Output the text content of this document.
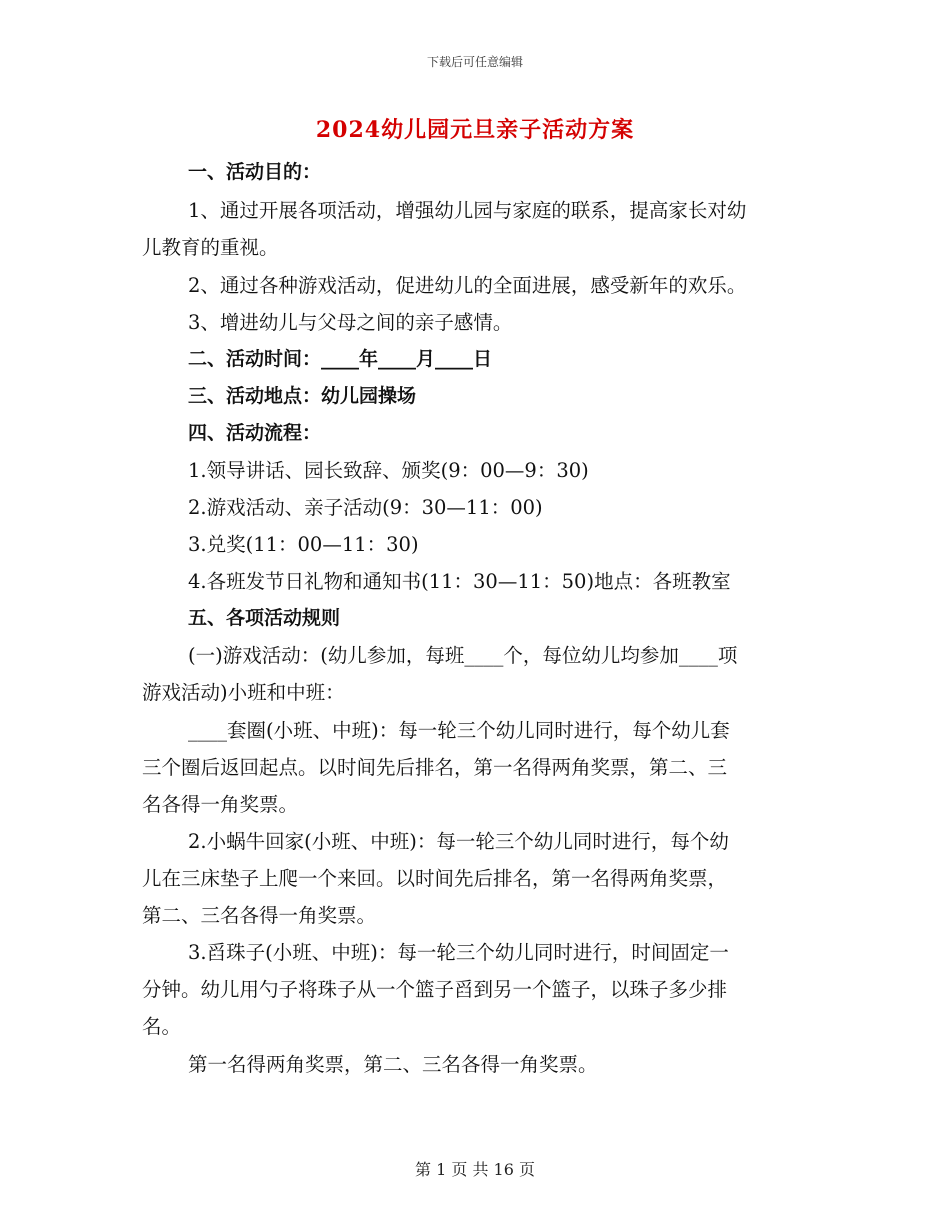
下载后可任意编辑
2024幼儿园元旦亲子活动方案
一、活动目的：
1、通过开展各项活动，增强幼儿园与家庭的联系，提高家长对幼
儿教育的重视。
2、通过各种游戏活动，促进幼儿的全面进展，感受新年的欢乐。
3、增进幼儿与父母之间的亲子感情。
二、活动时间：____年____月____日
三、活动地点：幼儿园操场
四、活动流程：
1.领导讲话、园长致辞、颁奖(9：00—9：30)
2.游戏活动、亲子活动(9：30—11：00)
3.兑奖(11：00—11：30)
4.各班发节日礼物和通知书(11：30—11：50)地点：各班教室
五、各项活动规则
(一)游戏活动：(幼儿参加，每班____个，每位幼儿均参加____项
游戏活动)小班和中班：
____套圈(小班、中班)：每一轮三个幼儿同时进行，每个幼儿套
三个圈后返回起点。以时间先后排名，第一名得两角奖票，第二、三
名各得一角奖票。
2.小蜗牛回家(小班、中班)：每一轮三个幼儿同时进行，每个幼
儿在三床垫子上爬一个来回。以时间先后排名，第一名得两角奖票，
第二、三名各得一角奖票。
3.舀珠子(小班、中班)：每一轮三个幼儿同时进行，时间固定一
分钟。幼儿用勺子将珠子从一个篮子舀到另一个篮子，以珠子多少排
名。
第一名得两角奖票，第二、三名各得一角奖票。
第 1 页 共 16 页
